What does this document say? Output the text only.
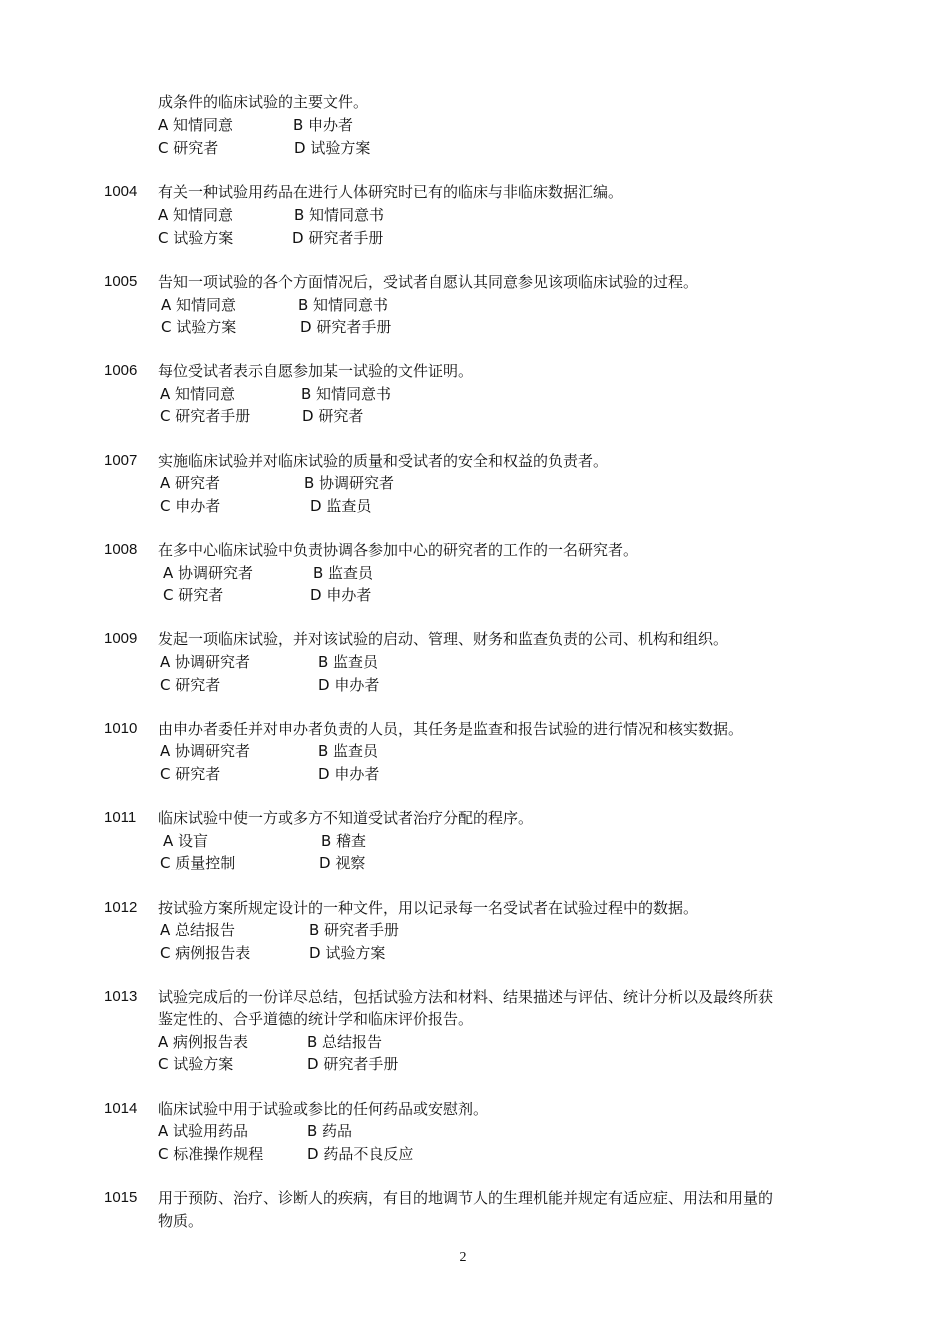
成条件的临床试验的主要文件。
A 知情同意	B 申办者
C 研究者	D 试验方案
1004 有关一种试验用药品在进行人体研究时已有的临床与非临床数据汇编。
A 知情同意	B 知情同意书
C 试验方案	D 研究者手册
1005 告知一项试验的各个方面情况后，受试者自愿认其同意参见该项临床试验的过程。
A 知情同意	B 知情同意书
C 试验方案	D 研究者手册
1006 每位受试者表示自愿参加某一试验的文件证明。
A 知情同意	B 知情同意书
C 研究者手册	D 研究者
1007 实施临床试验并对临床试验的质量和受试者的安全和权益的负责者。
A 研究者	B 协调研究者
C 申办者	D 监查员
1008 在多中心临床试验中负责协调各参加中心的研究者的工作的一名研究者。
A 协调研究者	B 监查员
C 研究者	D 申办者
1009 发起一项临床试验，并对该试验的启动、管理、财务和监查负责的公司、机构和组织。
A 协调研究者	B 监查员
C 研究者	D 申办者
1010 由申办者委任并对申办者负责的人员，其任务是监查和报告试验的进行情况和核实数据。
A 协调研究者	B 监查员
C 研究者	D 申办者
1011 临床试验中使一方或多方不知道受试者治疗分配的程序。
A 设盲	B 稽查
C 质量控制	D 视察
1012 按试验方案所规定设计的一种文件，用以记录每一名受试者在试验过程中的数据。
A 总结报告	B 研究者手册
C 病例报告表	D 试验方案
1013 试验完成后的一份详尽总结，包括试验方法和材料、结果描述与评估、统计分析以及最终所获
鉴定性的、合乎道德的统计学和临床评价报告。
A 病例报告表	B 总结报告
C 试验方案	D 研究者手册
1014 临床试验中用于试验或参比的任何药品或安慰剂。
A 试验用药品	B 药品
C 标准操作规程	D 药品不良反应
1015 用于预防、治疗、诊断人的疾病，有目的地调节人的生理机能并规定有适应症、用法和用量的
物质。
2
